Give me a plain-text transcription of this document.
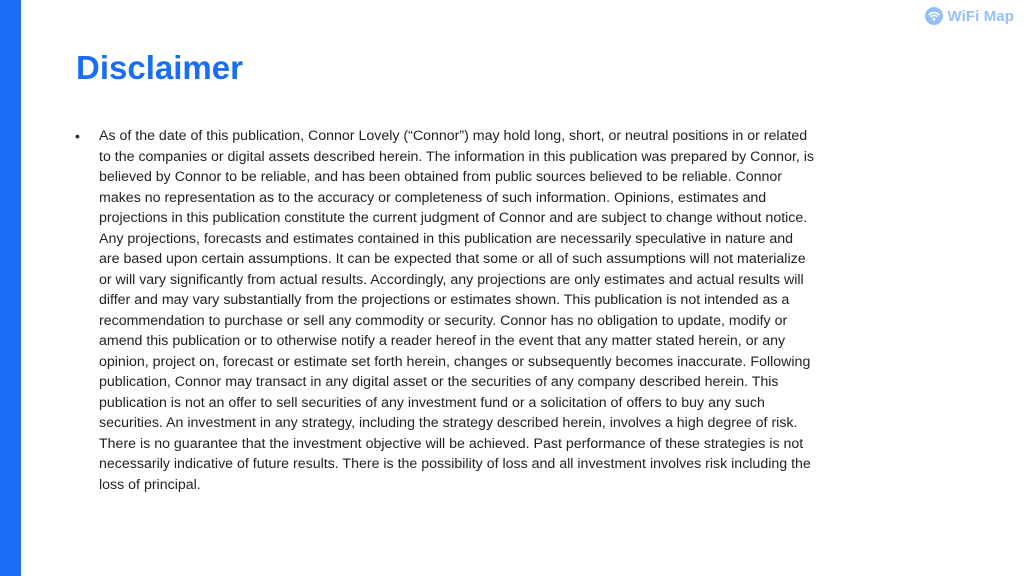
WiFi Map
Disclaimer
• As of the date of this publication, Connor Lovely (“Connor”) may hold long, short, or neutral positions in or related to the companies or digital assets described herein. The information in this publication was prepared by Connor, is believed by Connor to be reliable, and has been obtained from public sources believed to be reliable. Connor makes no representation as to the accuracy or completeness of such information. Opinions, estimates and projections in this publication constitute the current judgment of Connor and are subject to change without notice. Any projections, forecasts and estimates contained in this publication are necessarily speculative in nature and are based upon certain assumptions. It can be expected that some or all of such assumptions will not materialize or will vary significantly from actual results. Accordingly, any projections are only estimates and actual results will differ and may vary substantially from the projections or estimates shown. This publication is not intended as a recommendation to purchase or sell any commodity or security. Connor has no obligation to update, modify or amend this publication or to otherwise notify a reader hereof in the event that any matter stated herein, or any opinion, project on, forecast or estimate set forth herein, changes or subsequently becomes inaccurate. Following publication, Connor may transact in any digital asset or the securities of any company described herein. This publication is not an offer to sell securities of any investment fund or a solicitation of offers to buy any such securities. An investment in any strategy, including the strategy described herein, involves a high degree of risk. There is no guarantee that the investment objective will be achieved. Past performance of these strategies is not necessarily indicative of future results. There is the possibility of loss and all investment involves risk including the loss of principal.
